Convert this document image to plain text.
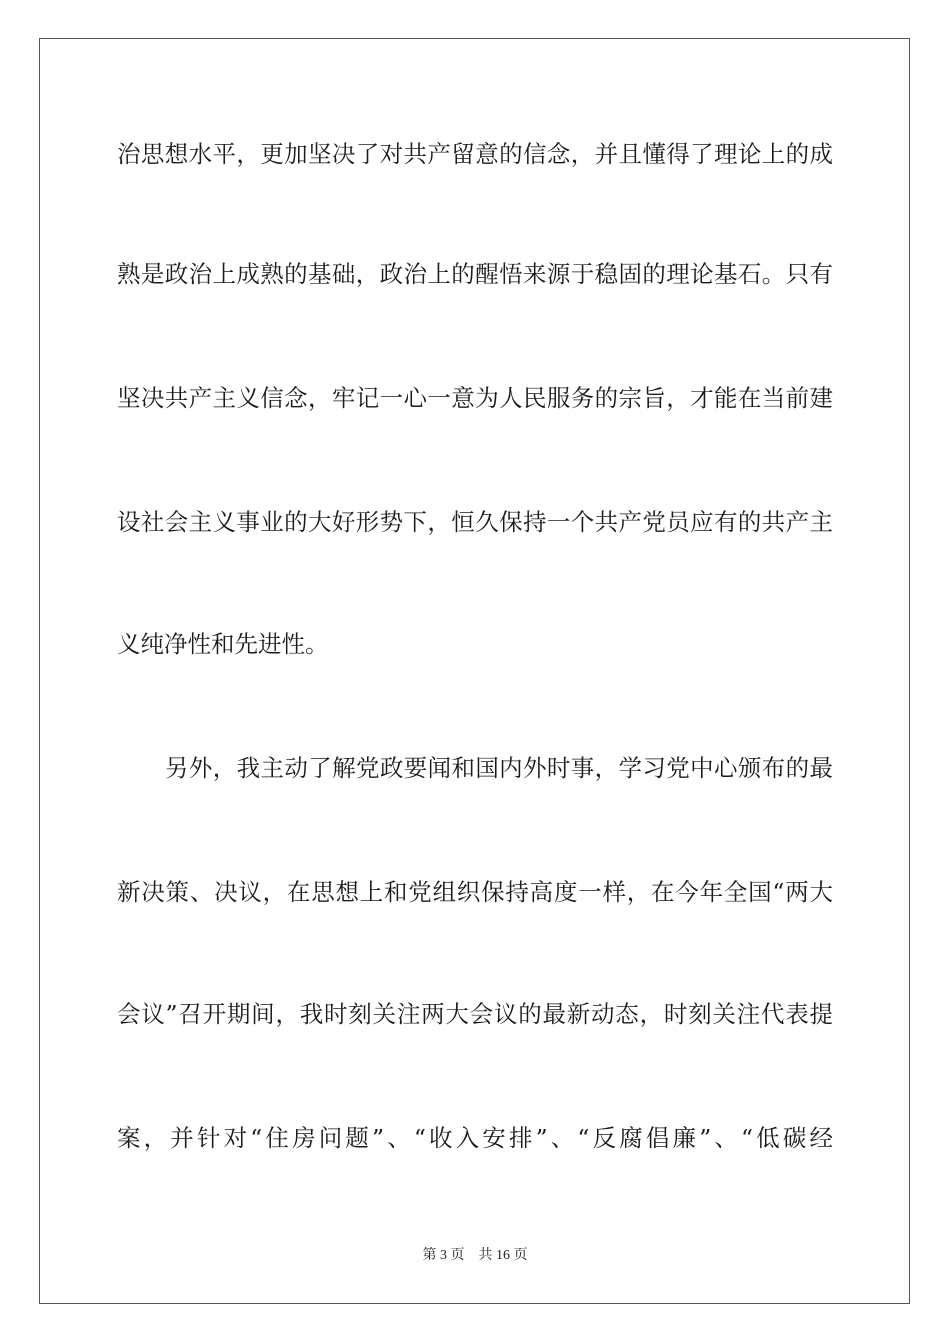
治思想水平，更加坚决了对共产留意的信念，并且懂得了理论上的成
熟是政治上成熟的基础，政治上的醒悟来源于稳固的理论基石。只有
坚决共产主义信念，牢记一心一意为人民服务的宗旨，才能在当前建
设社会主义事业的大好形势下，恒久保持一个共产党员应有的共产主
义纯净性和先进性。
另外，我主动了解党政要闻和国内外时事，学习党中心颁布的最
新决策、决议，在思想上和党组织保持高度一样，在今年全国“两大
会议”召开期间，我时刻关注两大会议的最新动态，时刻关注代表提
案，并针对“住房问题”、“收入安排”、“反腐倡廉”、“低碳经
第 3 页 共 16 页
